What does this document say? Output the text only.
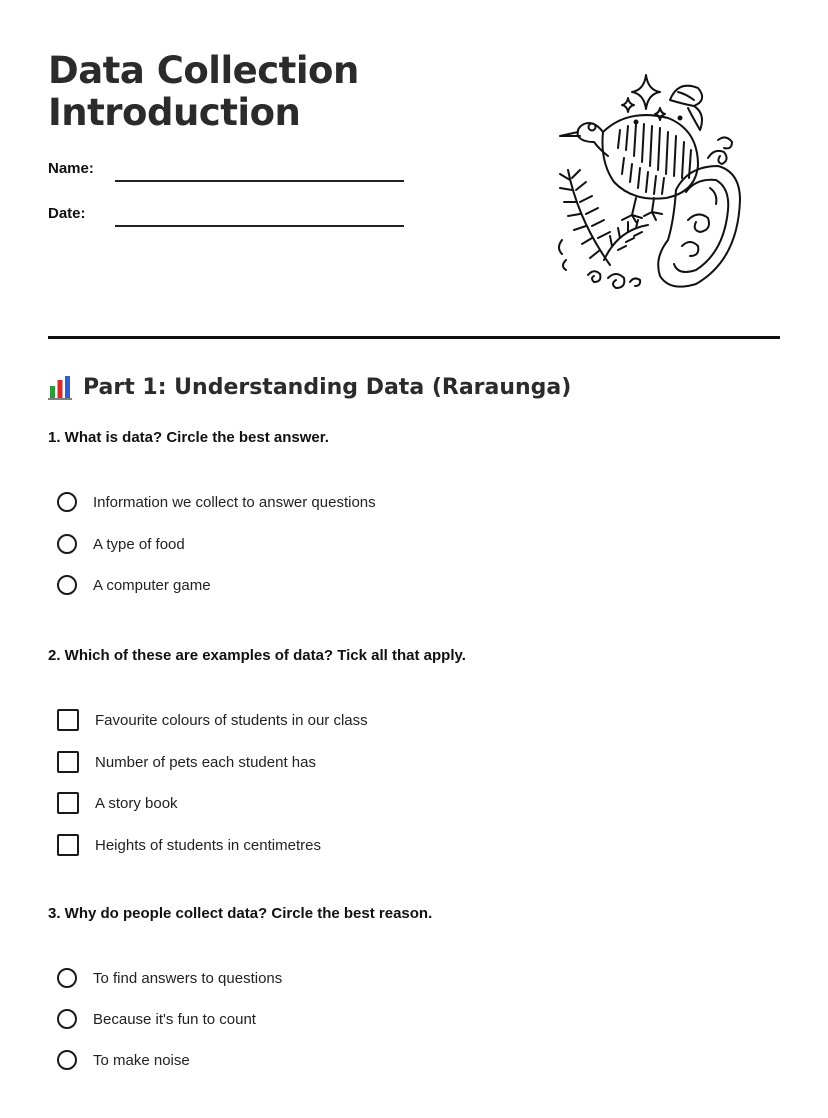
Data Collection
Introduction
Name:
Date:
Part 1: Understanding Data (Raraunga)
1. What is data? Circle the best answer.
Information we collect to answer questions
A type of food
A computer game
2. Which of these are examples of data? Tick all that apply.
Favourite colours of students in our class
Number of pets each student has
A story book
Heights of students in centimetres
3. Why do people collect data? Circle the best reason.
To find answers to questions
Because it's fun to count
To make noise
